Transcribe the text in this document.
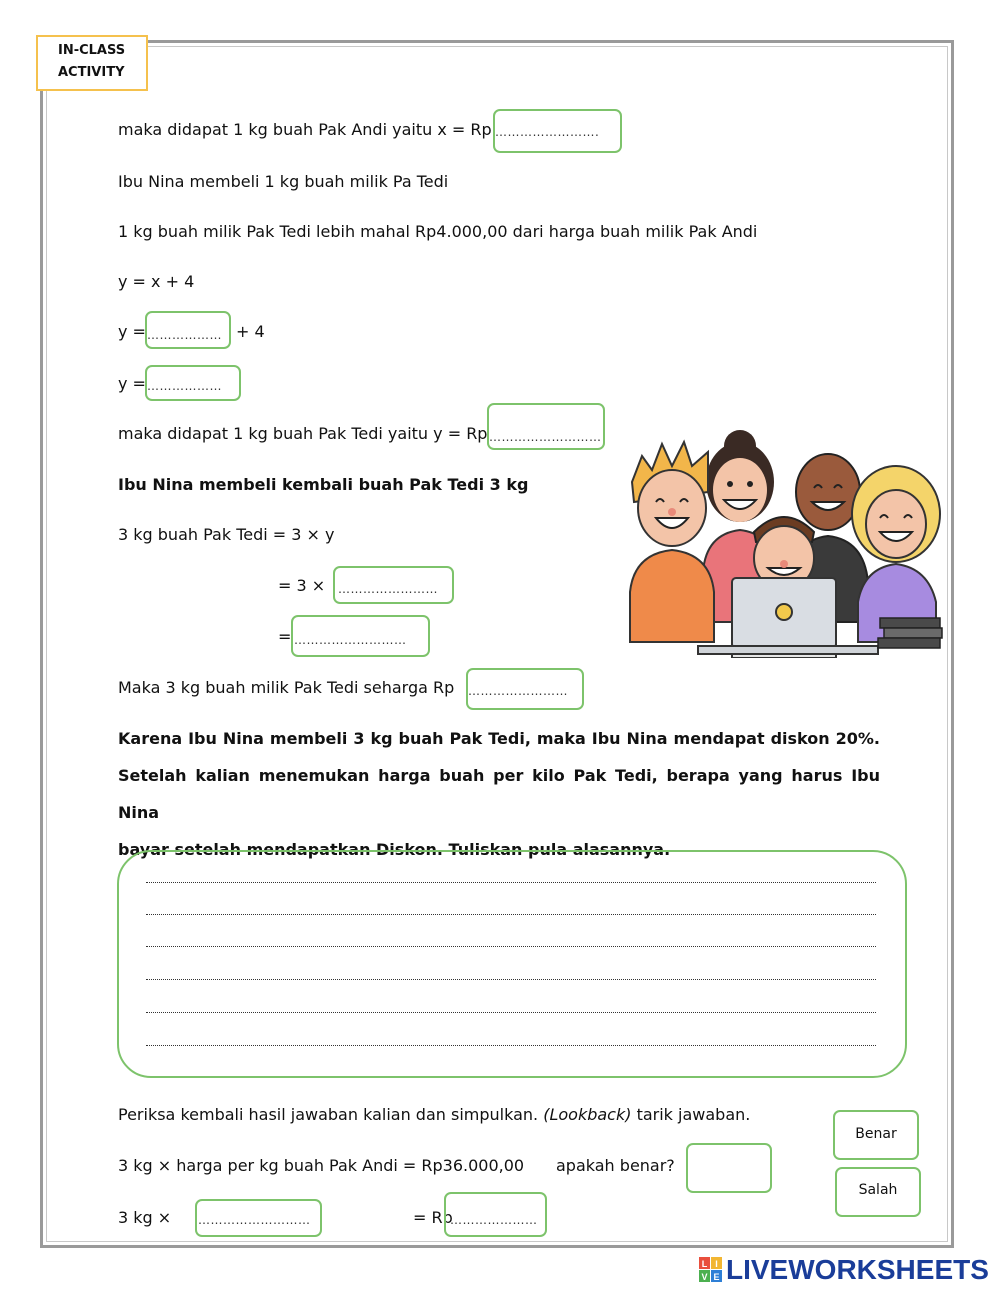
IN-CLASS
ACTIVITY
maka didapat 1 kg buah Pak Andi yaitu x = Rp …………………….
Ibu Nina membeli 1 kg buah milik Pa Tedi
1 kg buah milik Pak Tedi lebih mahal Rp4.000,00 dari harga buah milik Pak Andi
y = x + 4
y = ……………… + 4
y = ………………
maka didapat 1 kg buah Pak Tedi yaitu y = Rp ………………………
Ibu Nina membeli kembali buah Pak Tedi 3 kg
3 kg buah Pak Tedi = 3 × y
= 3 × ……………………
= ………………………
Maka 3 kg buah milik Pak Tedi seharga Rp ……………………
Karena Ibu Nina membeli 3 kg buah Pak Tedi, maka Ibu Nina mendapat diskon 20%.
Setelah kalian menemukan harga buah per kilo Pak Tedi, berapa yang harus Ibu Nina
bayar setelah mendapatkan Diskon. Tuliskan pula alasannya.
Periksa kembali hasil jawaban kalian dan simpulkan. (Lookback) tarik jawaban.
3 kg × harga per kg buah Pak Andi = Rp36.000,00 apakah benar?
3 kg × ………………………	= Rp
…………………
Benar
Salah
L I
V E LIVEWORKSHEETS
